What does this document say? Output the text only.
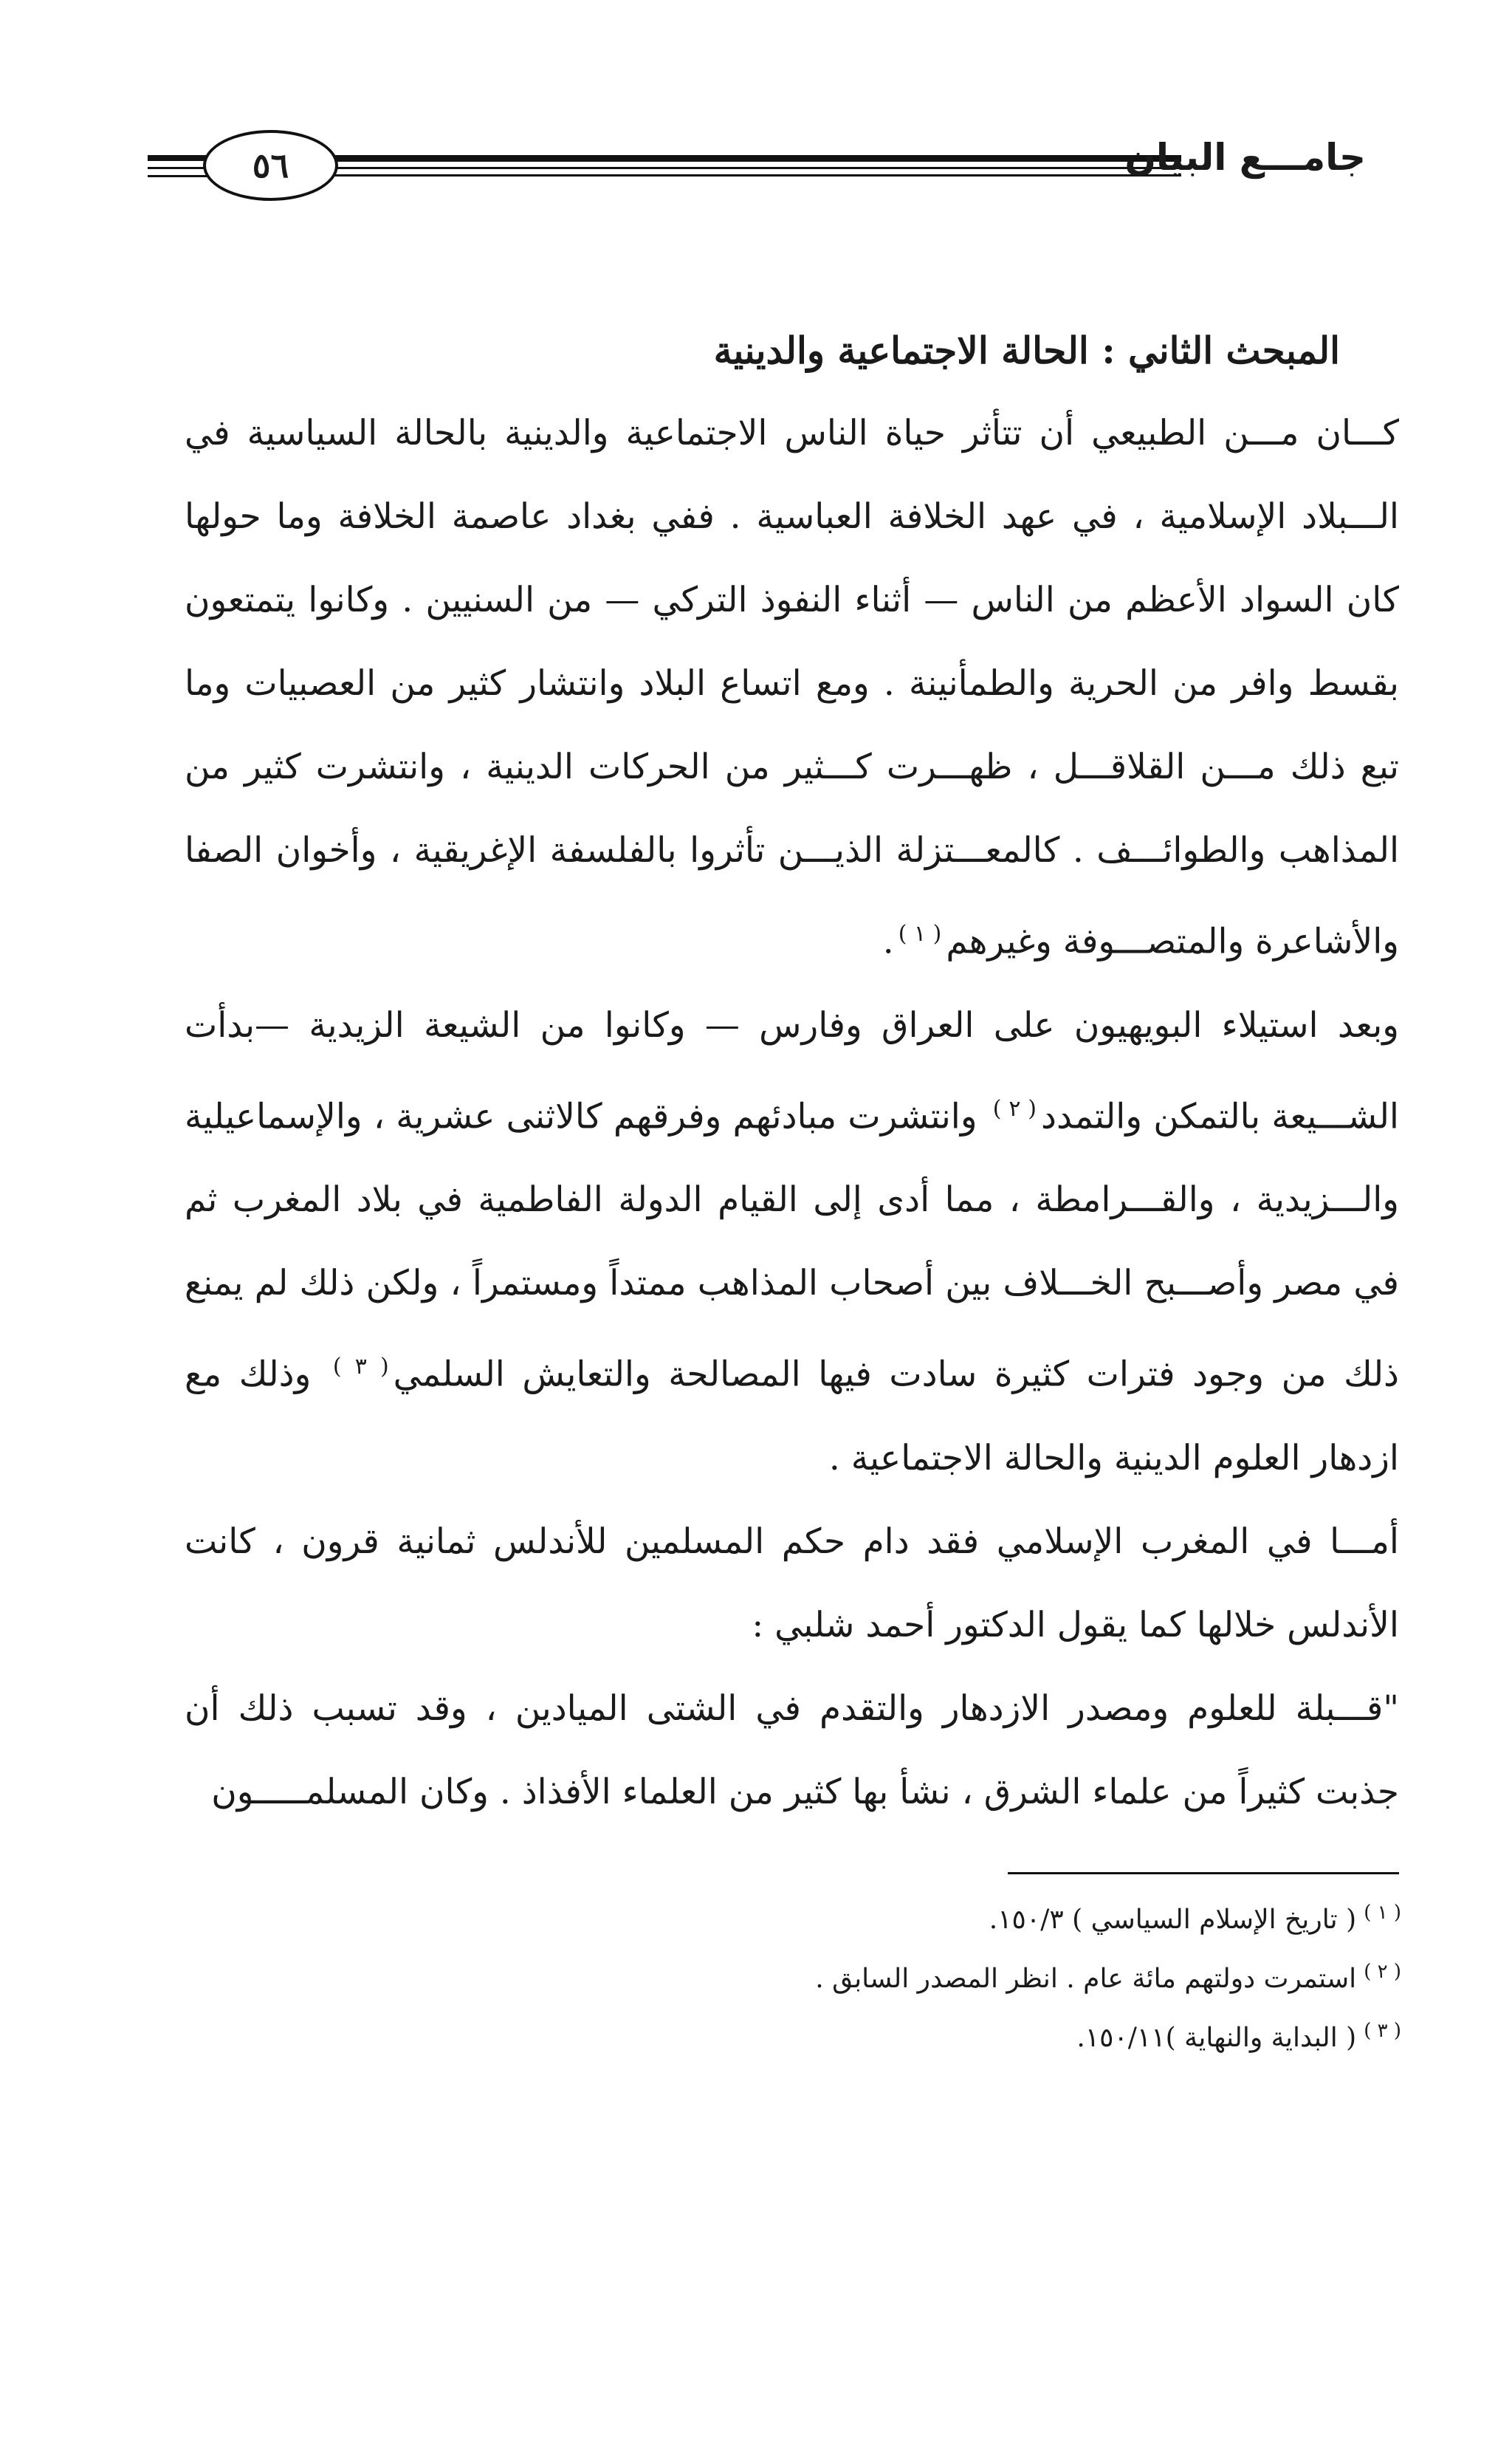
٥٦	جامـــع البيان
المبحث الثاني : الحالة الاجتماعية والدينية

كـــان مـــن الطبيعي أن تتأثر حياة الناس الاجتماعية والدينية بالحالة السياسية في الـــبلاد الإسلامية ، في عهد الخلافة العباسية . ففي بغداد عاصمة الخلافة وما حولها كان السواد الأعظم من الناس — أثناء النفوذ التركي — من السنيين . وكانوا يتمتعون بقسط وافر من الحرية والطمأنينة . ومع اتساع البلاد وانتشار كثير من العصبيات وما تبع ذلك مـــن القلاقـــل ، ظهـــرت كـــثير من الحركات الدينية ، وانتشرت كثير من المذاهب والطوائـــف . كالمعـــتزلة الذيـــن تأثروا بالفلسفة الإغريقية ، وأخوان الصفا والأشاعرة والمتصـــوفة وغيرهم$^{( ١ )}$.

وبعد استيلاء البويهيون على العراق وفارس — وكانوا من الشيعة الزيدية —بدأت الشـــيعة بالتمكن والتمدد$^{( ٢ )}$ وانتشرت مبادئهم وفرقهم كالاثنى عشرية ، والإسماعيلية والـــزيدية ، والقـــرامطة ، مما أدى إلى القيام الدولة الفاطمية في بلاد المغرب ثم في مصر وأصـــبح الخـــلاف بين أصحاب المذاهب ممتداً ومستمراً ، ولكن ذلك لم يمنع ذلك من وجود فترات كثيرة سادت فيها المصالحة والتعايش السلمي$^{( ٣ )}$ وذلك مع ازدهار العلوم الدينية والحالة الاجتماعية .

أمـــا في المغرب الإسلامي فقد دام حكم المسلمين للأندلس ثمانية قرون ، كانت الأندلس خلالها كما يقول الدكتور أحمد شلبي :

"قـــبلة للعلوم ومصدر الازدهار والتقدم في الشتى الميادين ، وقد تسبب ذلك أن جذبت كثيراً من علماء الشرق ، نشأ بها كثير من العلماء الأفذاذ . وكان المسلمـــــون

$^{( ١ )}$( تاريخ الإسلام السياسي ) ١٥٠/٣.
$^{( ٢ )}$استمرت دولتهم مائة عام . انظر المصدر السابق .
$^{( ٣ )}$( البداية والنهاية )١٥٠/١١.
